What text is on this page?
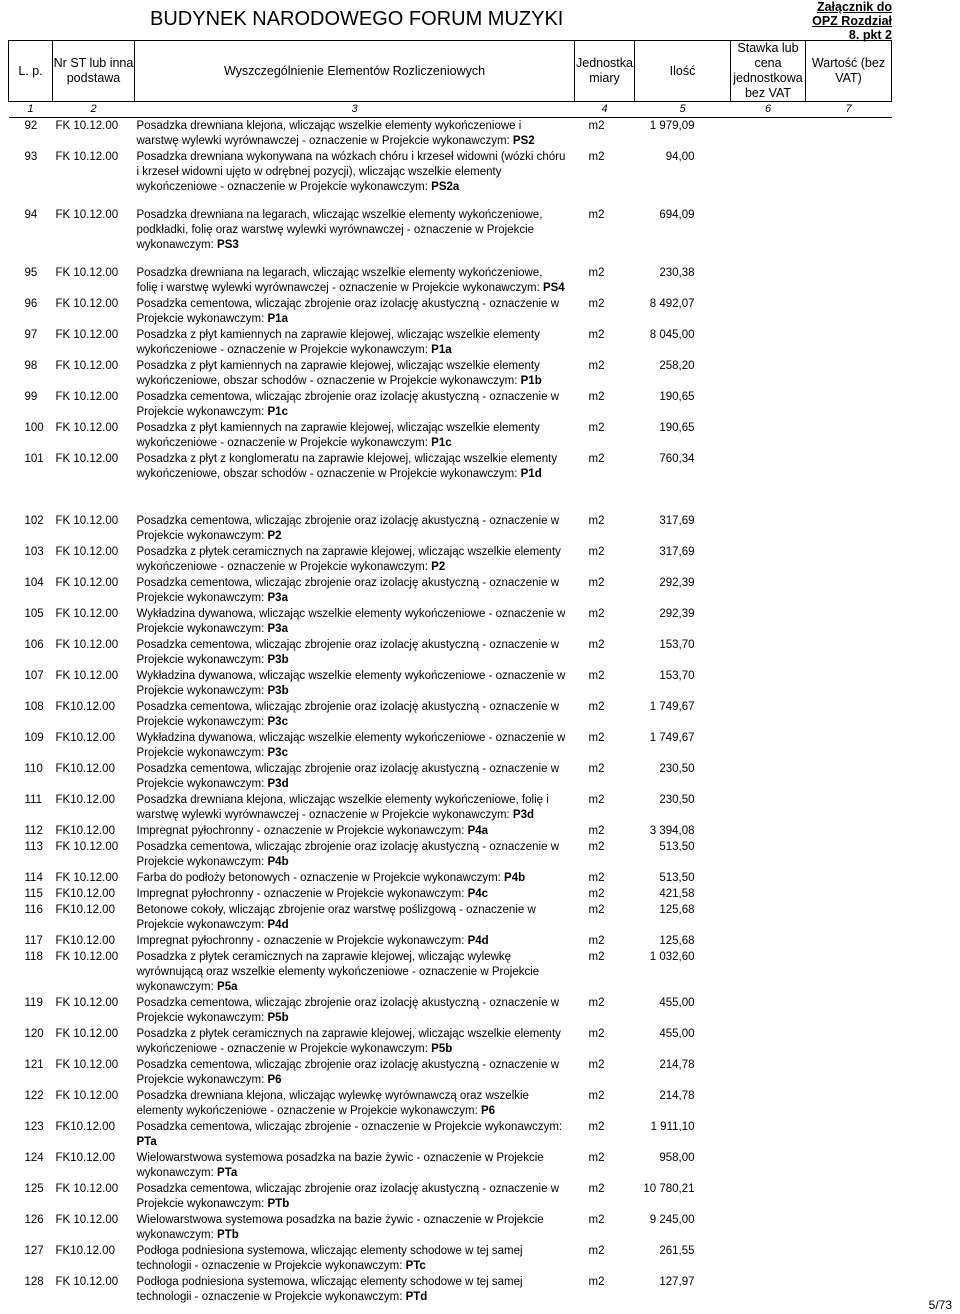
BUDYNEK NARODOWEGO FORUM MUZYKI
Załącznik do
OPZ Rozdział
8. pkt 2
L. p.	Nr ST lub inna podstawa	Wyszczególnienie Elementów Rozliczeniowych	Jednostka miary	Ilość	Stawka lub cena jednostkowa bez VAT	Wartość (bez VAT)
1	2	3	4	5	6	7
92	FK 10.12.00	Posadzka drewniana klejona, wliczając wszelkie elementy wykończeniowe i warstwę wylewki wyrównawczej - oznaczenie w Projekcie wykonawczym: PS2	m2	1 979,09		
93	FK 10.12.00	Posadzka drewniana wykonywana na wózkach chóru i krzeseł widowni (wózki chóru i krzeseł widowni ujęto w odrębnej pozycji), wliczając wszelkie elementy wykończeniowe - oznaczenie w Projekcie wykonawczym: PS2a	m2	94,00		
94	FK 10.12.00	Posadzka drewniana na legarach, wliczając wszelkie elementy wykończeniowe, podkładki, folię oraz warstwę wylewki wyrównawczej - oznaczenie w Projekcie wykonawczym: PS3	m2	694,09		
95	FK 10.12.00	Posadzka drewniana na legarach, wliczając wszelkie elementy wykończeniowe, folię i warstwę wylewki wyrównawczej - oznaczenie w Projekcie wykonawczym: PS4	m2	230,38		
96	FK 10.12.00	Posadzka cementowa, wliczając zbrojenie oraz izolację akustyczną - oznaczenie w Projekcie wykonawczym: P1a	m2	8 492,07		
97	FK 10.12.00	Posadzka z płyt kamiennych na zaprawie klejowej, wliczając wszelkie elementy wykończeniowe - oznaczenie w Projekcie wykonawczym: P1a	m2	8 045,00		
98	FK 10.12.00	Posadzka z płyt kamiennych na zaprawie klejowej, wliczając wszelkie elementy wykończeniowe, obszar schodów - oznaczenie w Projekcie wykonawczym: P1b	m2	258,20		
99	FK 10.12.00	Posadzka cementowa, wliczając zbrojenie oraz izolację akustyczną - oznaczenie w Projekcie wykonawczym: P1c	m2	190,65		
100	FK 10.12.00	Posadzka z płyt kamiennych na zaprawie klejowej, wliczając wszelkie elementy wykończeniowe - oznaczenie w Projekcie wykonawczym: P1c	m2	190,65		
101	FK 10.12.00	Posadzka z płyt z konglomeratu na zaprawie klejowej, wliczając wszelkie elementy wykończeniowe, obszar schodów - oznaczenie w Projekcie wykonawczym: P1d	m2	760,34		
102	FK 10.12.00	Posadzka cementowa, wliczając zbrojenie oraz izolację akustyczną - oznaczenie w Projekcie wykonawczym: P2	m2	317,69		
103	FK 10.12.00	Posadzka z płytek ceramicznych na zaprawie klejowej, wliczając wszelkie elementy wykończeniowe - oznaczenie w Projekcie wykonawczym: P2	m2	317,69		
104	FK 10.12.00	Posadzka cementowa, wliczając zbrojenie oraz izolację akustyczną - oznaczenie w Projekcie wykonawczym: P3a	m2	292,39		
105	FK 10.12.00	Wykładzina dywanowa, wliczając wszelkie elementy wykończeniowe - oznaczenie w Projekcie wykonawczym: P3a	m2	292,39		
106	FK 10.12.00	Posadzka cementowa, wliczając zbrojenie oraz izolację akustyczną - oznaczenie w Projekcie wykonawczym: P3b	m2	153,70		
107	FK 10.12.00	Wykładzina dywanowa, wliczając wszelkie elementy wykończeniowe - oznaczenie w Projekcie wykonawczym: P3b	m2	153,70		
108	FK10.12.00	Posadzka cementowa, wliczając zbrojenie oraz izolację akustyczną - oznaczenie w Projekcie wykonawczym: P3c	m2	1 749,67		
109	FK10.12.00	Wykładzina dywanowa, wliczając wszelkie elementy wykończeniowe - oznaczenie w Projekcie wykonawczym: P3c	m2	1 749,67		
110	FK10.12.00	Posadzka cementowa, wliczając zbrojenie oraz izolację akustyczną - oznaczenie w Projekcie wykonawczym: P3d	m2	230,50		
111	FK10.12.00	Posadzka drewniana klejona, wliczając wszelkie elementy wykończeniowe, folię i warstwę wylewki wyrównawczej - oznaczenie w Projekcie wykonawczym: P3d	m2	230,50		
112	FK10.12.00	Impregnat pyłochronny - oznaczenie w Projekcie wykonawczym: P4a	m2	3 394,08		
113	FK 10.12.00	Posadzka cementowa, wliczając zbrojenie oraz izolację akustyczną - oznaczenie w Projekcie wykonawczym: P4b	m2	513,50		
114	FK 10.12.00	Farba do podłoży betonowych - oznaczenie w Projekcie wykonawczym: P4b	m2	513,50		
115	FK10.12.00	Impregnat pyłochronny - oznaczenie w Projekcie wykonawczym: P4c	m2	421,58		
116	FK10.12.00	Betonowe cokoły, wliczając zbrojenie oraz warstwę poślizgową - oznaczenie w Projekcie wykonawczym: P4d	m2	125,68		
117	FK10.12.00	Impregnat pyłochronny - oznaczenie w Projekcie wykonawczym: P4d	m2	125,68		
118	FK 10.12.00	Posadzka z płytek ceramicznych na zaprawie klejowej, wliczając wylewkę wyrównującą oraz wszelkie elementy wykończeniowe - oznaczenie w Projekcie wykonawczym: P5a	m2	1 032,60		
119	FK 10.12.00	Posadzka cementowa, wliczając zbrojenie oraz izolację akustyczną - oznaczenie w Projekcie wykonawczym: P5b	m2	455,00		
120	FK 10.12.00	Posadzka z płytek ceramicznych na zaprawie klejowej, wliczając wszelkie elementy wykończeniowe - oznaczenie w Projekcie wykonawczym: P5b	m2	455,00		
121	FK 10.12.00	Posadzka cementowa, wliczając zbrojenie oraz izolację akustyczną - oznaczenie w Projekcie wykonawczym: P6	m2	214,78		
122	FK 10.12.00	Posadzka drewniana klejona, wliczając wylewkę wyrównawczą oraz wszelkie elementy wykończeniowe - oznaczenie w Projekcie wykonawczym: P6	m2	214,78		
123	FK10.12.00	Posadzka cementowa, wliczając zbrojenie - oznaczenie w Projekcie wykonawczym: PTa	m2	1 911,10		
124	FK10.12.00	Wielowarstwowa systemowa posadzka na bazie żywic - oznaczenie w Projekcie wykonawczym: PTa	m2	958,00		
125	FK 10.12.00	Posadzka cementowa, wliczając zbrojenie oraz izolację akustyczną - oznaczenie w Projekcie wykonawczym: PTb	m2	10 780,21		
126	FK 10.12.00	Wielowarstwowa systemowa posadzka na bazie żywic - oznaczenie w Projekcie wykonawczym: PTb	m2	9 245,00		
127	FK10.12.00	Podłoga podniesiona systemowa, wliczając elementy schodowe w tej samej technologii - oznaczenie w Projekcie wykonawczym: PTc	m2	261,55		
128	FK 10.12.00	Podłoga podniesiona systemowa, wliczając elementy schodowe w tej samej technologii - oznaczenie w Projekcie wykonawczym: PTd	m2	127,97		
5/73
